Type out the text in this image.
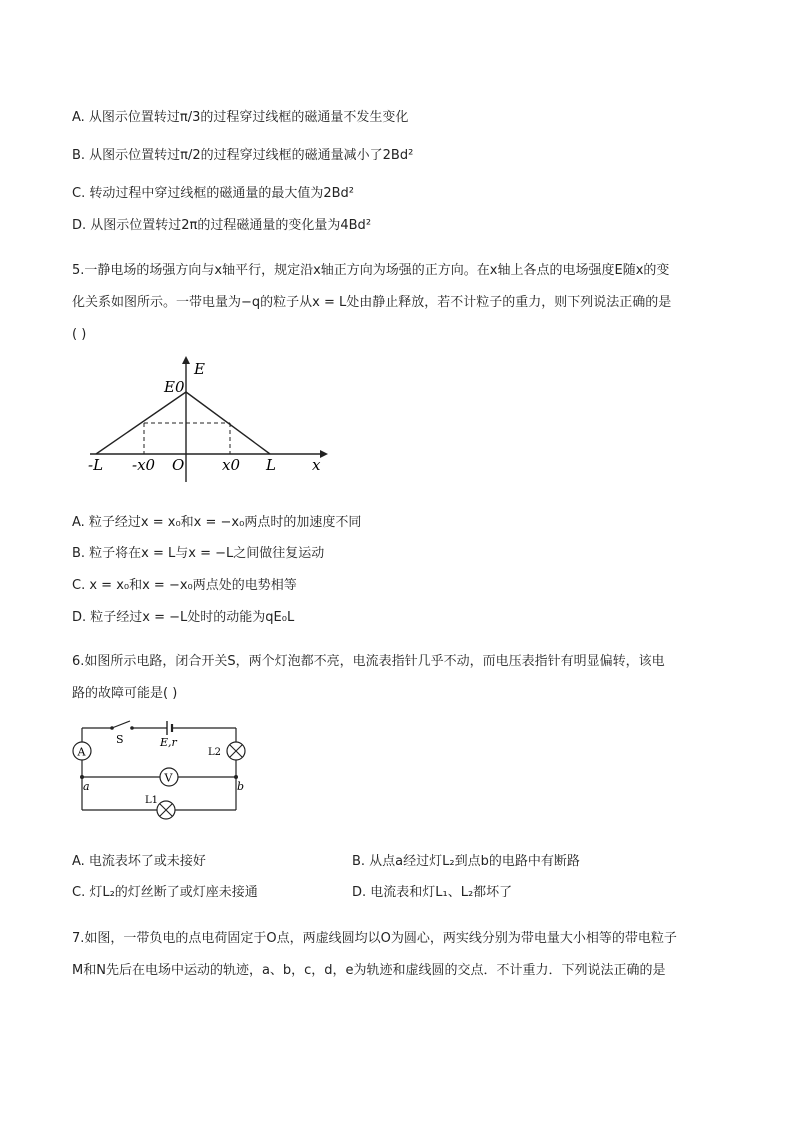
A. 从图示位置转过π/3的过程穿过线框的磁通量不发生变化
B. 从图示位置转过π/2的过程穿过线框的磁通量减小了2Bd²
C. 转动过程中穿过线框的磁通量的最大值为2Bd²
D. 从图示位置转过2π的过程磁通量的变化量为4Bd²
5.一静电场的场强方向与x轴平行，规定沿x轴正方向为场强的正方向。在x轴上各点的电场强度E随x的变
化关系如图所示。一带电量为−q的粒子从x = L处由静止释放，若不计粒子的重力，则下列说法正确的是
( )
E
x
E0
O
-L -x0	x0 L
A. 粒子经过x = x₀和x = −x₀两点时的加速度不同
B. 粒子将在x = L与x = −L之间做往复运动
C. x = x₀和x = −x₀两点处的电势相等
D. 粒子经过x = −L处时的动能为qE₀L
6.如图所示电路，闭合开关S，两个灯泡都不亮，电流表指针几乎不动，而电压表指针有明显偏转，该电
路的故障可能是( )
S	E,r
A	L2
V
a	b
L1
A. 电流表坏了或未接好	B. 从点a经过灯L₂到点b的电路中有断路
C. 灯L₂的灯丝断了或灯座未接通	D. 电流表和灯L₁、L₂都坏了
7.如图，一带负电的点电荷固定于O点，两虚线圆均以O为圆心，两实线分别为带电量大小相等的带电粒子
M和N先后在电场中运动的轨迹，a、b，c，d，e为轨迹和虚线圆的交点．不计重力．下列说法正确的是
